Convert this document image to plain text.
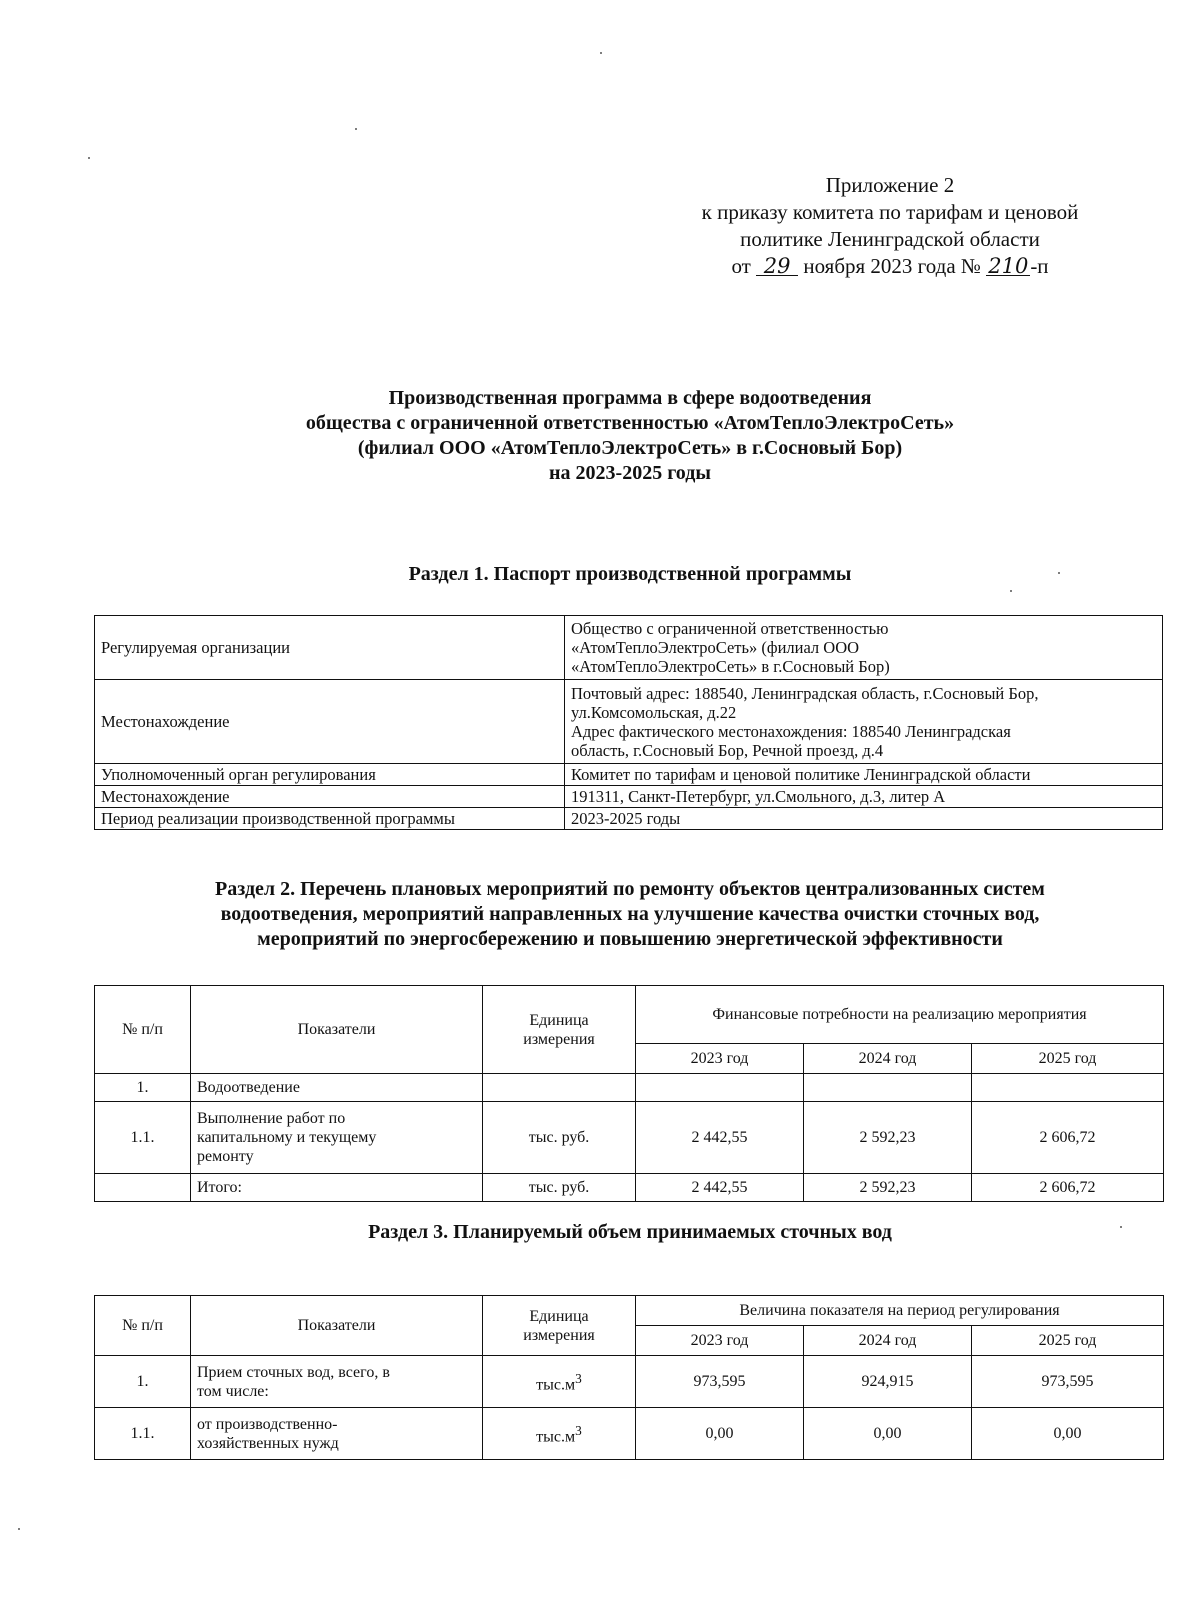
Приложение 2
к приказу комитета по тарифам и ценовой
политике Ленинградской области
от 29 ноября 2023 года № 210-п
Производственная программа в сфере водоотведения
общества с ограниченной ответственностью «АтомТеплоЭлектроСеть»
(филиал ООО «АтомТеплоЭлектроСеть» в г.Сосновый Бор)
на 2023-2025 годы
Раздел 1. Паспорт производственной программы
Регулируемая организации	Общество с ограниченной ответственностью
«АтомТеплоЭлектроСеть» (филиал ООО
«АтомТеплоЭлектроСеть» в г.Сосновый Бор)

Местонахождение	Почтовый адрес: 188540, Ленинградская область, г.Сосновый Бор,
ул.Комсомольская, д.22
Адрес фактического местонахождения: 188540 Ленинградская
область, г.Сосновый Бор, Речной проезд, д.4

Уполномоченный орган регулирования	Комитет по тарифам и ценовой политике Ленинградской области
Местонахождение	191311, Санкт-Петербург, ул.Смольного, д.3, литер А
Период реализации производственной программы	2023-2025 годы
Раздел 2. Перечень плановых мероприятий по ремонту объектов централизованных систем
водоотведения, мероприятий направленных на улучшение качества очистки сточных вод,
мероприятий по энергосбережению и повышению энергетической эффективности
№ п/п	Показатели	Единица
измерения	Финансовые потребности на реализацию мероприятия		
			2023 год	2024 год	2025 год
1.	Водоотведение				
1.1.	Выполнение работ по
капитальному и текущему
ремонту	тыс. руб.	2 442,55	2 592,23	2 606,72
	Итого:	тыс. руб.	2 442,55	2 592,23	2 606,72
Раздел 3. Планируемый объем принимаемых сточных вод
№ п/п	Показатели	Единица
измерения	Величина показателя на период регулирования		
			2023 год	2024 год	2025 год
1.	Прием сточных вод, всего, в
том числе:	$тыс.м^3$	973,595	924,915	973,595
1.1.	от производственно-
хозяйственных нужд	$тыс.м^3$	0,00	0,00	0,00
